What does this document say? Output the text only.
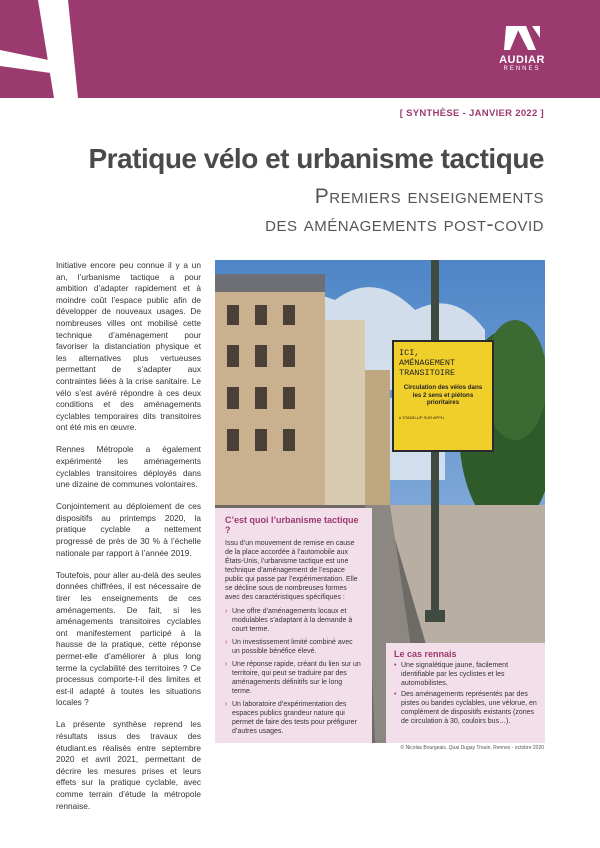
AUDIAR
RENNES
[ SYNTHÈSE - JANVIER 2022 ]
Pratique vélo et urbanisme tactique
Premiers enseignements
des aménagements post-covid

Initiative encore peu connue il y a un an, l’urbanisme tactique a pour ambition d’adapter rapidement et à moindre coût l’espace public afin de développer de nouveaux usages. De nombreuses villes ont mobilisé cette technique d’aménagement pour favoriser la distanciation physique et les alternatives plus vertueuses permettant de s’adapter aux contraintes liées à la crise sanitaire. Le vélo s’est avéré répondre à ces deux conditions et des aménagements cyclables temporaires dits transitoires ont été mis en œuvre.

Rennes Métropole a également expérimenté les aménagements cyclables transitoires déployés dans une dizaine de communes volontaires.

Conjointement au déploiement de ces dispositifs au printemps 2020, la pratique cyclable a nettement progressé de près de 30 % à l’échelle nationale par rapport à l’année 2019.

Toutefois, pour aller au-delà des seules données chiffrées, il est nécessaire de tirer les enseignements de ces aménagements. De fait, si les aménagements transitoires cyclables ont manifestement participé à la hausse de la pratique, cette réponse permet-elle d’améliorer à plus long terme la cyclabilité des territoires ? Ce processus comporte-t-il des limites et est-il adapté à toutes les situations locales ?

La présente synthèse reprend les résultats issus des travaux des étudiant.es réalisés entre septembre 2020 et avril 2021, permettant de décrire les mesures prises et leurs effets sur la pratique cyclable, avec comme terrain d’étude la métropole rennaise.

ICI,
AMÉNAGEMENT
TRANSITOIRE
Circulation des vélos dans les 2 sens et piétons prioritaires
# STAND-UP SUR APPLI
C’est quoi l’urbanisme tactique ?

Issu d’un mouvement de remise en cause de la place accordée à l’automobile aux États-Unis, l’urbanisme tactique est une technique d’aménagement de l’espace public qui passe par l’expérimentation. Elle se décline sous de nombreuses formes avec des caractéristiques spécifiques :

› Une offre d’aménagements locaux et modulables s’adaptant à la demande à court terme.
› Un investissement limité combiné avec un possible bénéfice élevé.
› Une réponse rapide, créant du lien sur un territoire, qui peut se traduire par des aménagements définitifs sur le long terme.
› Un laboratoire d’expérimentation des espaces publics grandeur nature qui permet de faire des tests pour préfigurer d’autres usages.
Le cas rennais
• Une signalétique jaune, facilement identifiable par les cyclistes et les automobilistes.
• Des aménagements représentés par des pistes ou bandes cyclables, une vélorue, en complément de dispositifs existants (zones de circulation à 30, couloirs bus…).
© Nicolas Bourgeais, Quai Dugay Trouin, Rennes - octobre 2020
